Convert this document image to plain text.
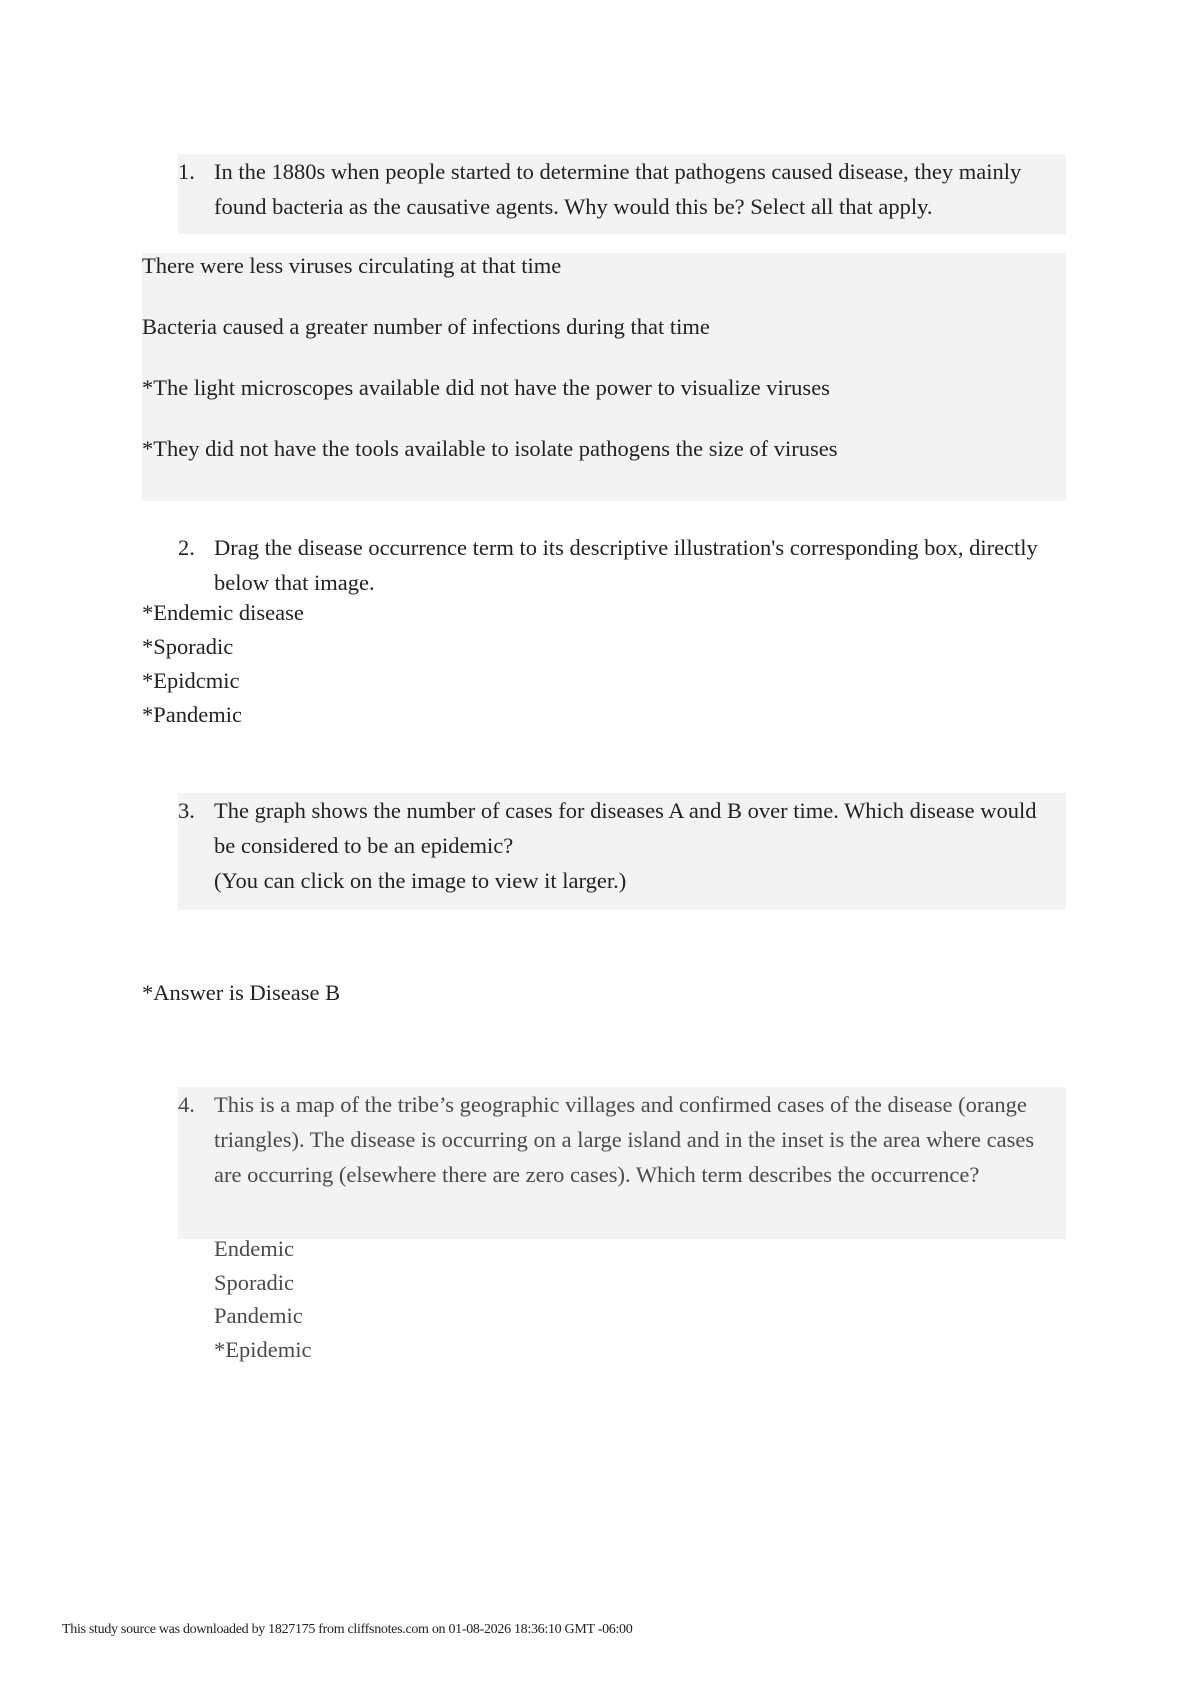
1. In the 1880s when people started to determine that pathogens caused disease, they mainly found bacteria as the causative agents. Why would this be? Select all that apply.
There were less viruses circulating at that time
Bacteria caused a greater number of infections during that time
*The light microscopes available did not have the power to visualize viruses
*They did not have the tools available to isolate pathogens the size of viruses
2. Drag the disease occurrence term to its descriptive illustration's corresponding box, directly below that image.
*Endemic disease
*Sporadic
*Epidcmic
*Pandemic
3. The graph shows the number of cases for diseases A and B over time. Which disease would be considered to be an epidemic?
(You can click on the image to view it larger.)
*Answer is Disease B
4. This is a map of the tribe’s geographic villages and confirmed cases of the disease (orange triangles). The disease is occurring on a large island and in the inset is the area where cases are occurring (elsewhere there are zero cases). Which term describes the occurrence?
Endemic
Sporadic
Pandemic
*Epidemic
This study source was downloaded by 1827175 from cliffsnotes.com on 01-08-2026 18:36:10 GMT -06:00
